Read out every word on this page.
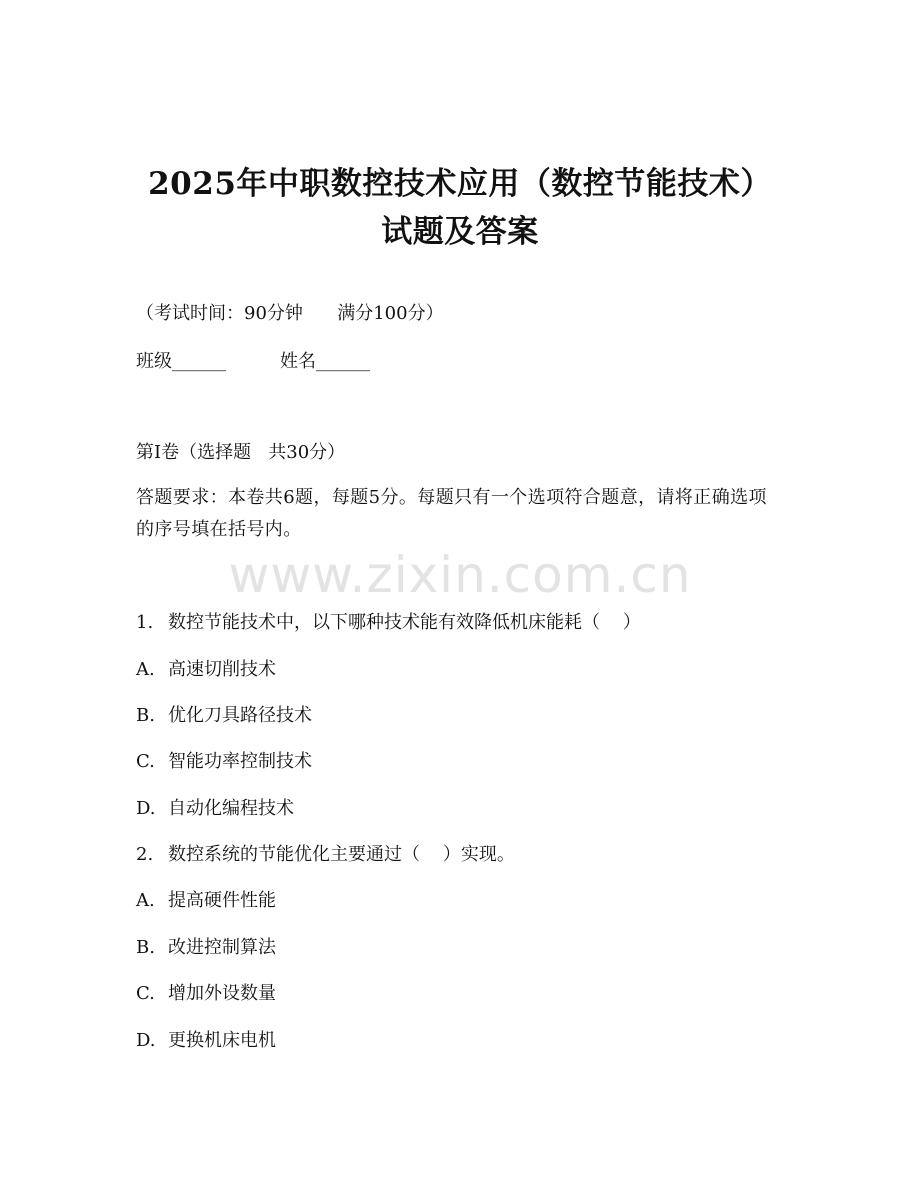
2025年中职数控技术应用（数控节能技术）
试题及答案
（考试时间：90分钟      满分100分）
班级______	姓名______
第I卷（选择题   共30分）
答题要求：本卷共6题，每题5分。每题只有一个选项符合题意，请将正确选项的序号填在括号内。
www.zixin.com.cn
1. 数控节能技术中，以下哪种技术能有效降低机床能耗（    ）
A. 高速切削技术
B. 优化刀具路径技术
C. 智能功率控制技术
D. 自动化编程技术
2. 数控系统的节能优化主要通过（    ）实现。
A. 提高硬件性能
B. 改进控制算法
C. 增加外设数量
D. 更换机床电机
